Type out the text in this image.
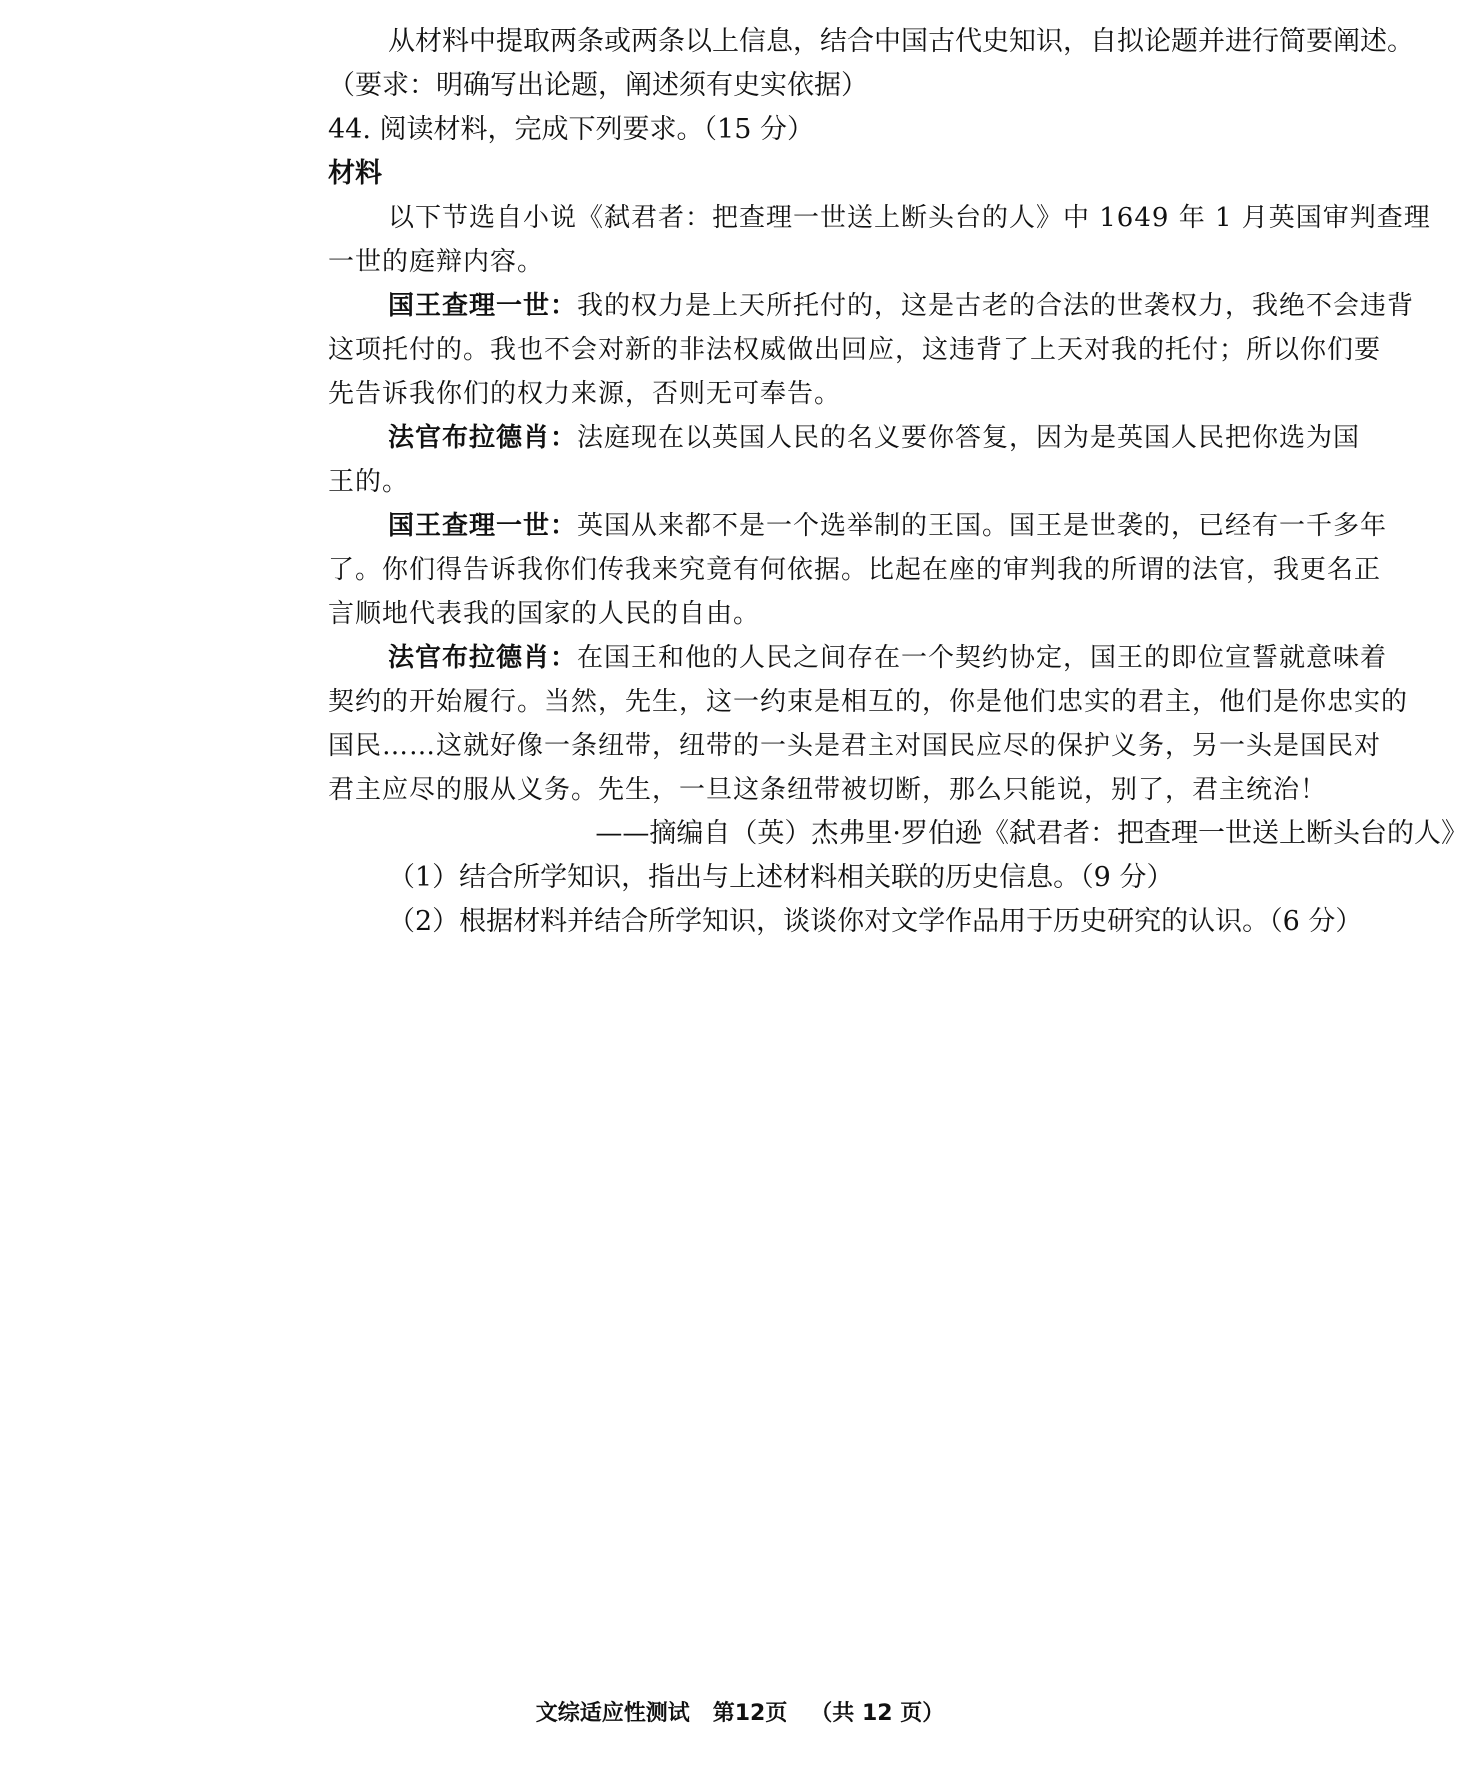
从材料中提取两条或两条以上信息，结合中国古代史知识，自拟论题并进行简要阐述。
（要求：明确写出论题，阐述须有史实依据）
44. 阅读材料，完成下列要求。（15 分）
材料
以下节选自小说《弑君者：把查理一世送上断头台的人》中 1649 年 1 月英国审判查理
一世的庭辩内容。
国王查理一世：我的权力是上天所托付的，这是古老的合法的世袭权力，我绝不会违背
这项托付的。我也不会对新的非法权威做出回应，这违背了上天对我的托付；所以你们要
先告诉我你们的权力来源，否则无可奉告。
法官布拉德肖：法庭现在以英国人民的名义要你答复，因为是英国人民把你选为国
王的。
国王查理一世：英国从来都不是一个选举制的王国。国王是世袭的，已经有一千多年
了。你们得告诉我你们传我来究竟有何依据。比起在座的审判我的所谓的法官，我更名正
言顺地代表我的国家的人民的自由。
法官布拉德肖：在国王和他的人民之间存在一个契约协定，国王的即位宣誓就意味着
契约的开始履行。当然，先生，这一约束是相互的，你是他们忠实的君主，他们是你忠实的
国民……这就好像一条纽带，纽带的一头是君主对国民应尽的保护义务，另一头是国民对
君主应尽的服从义务。先生，一旦这条纽带被切断，那么只能说，别了，君主统治！
——摘编自（英）杰弗里·罗伯逊《弑君者：把查理一世送上断头台的人》
（1）结合所学知识，指出与上述材料相关联的历史信息。（9 分）
（2）根据材料并结合所学知识，谈谈你对文学作品用于历史研究的认识。（6 分）
文综适应性测试   第12页   （共 12 页）
